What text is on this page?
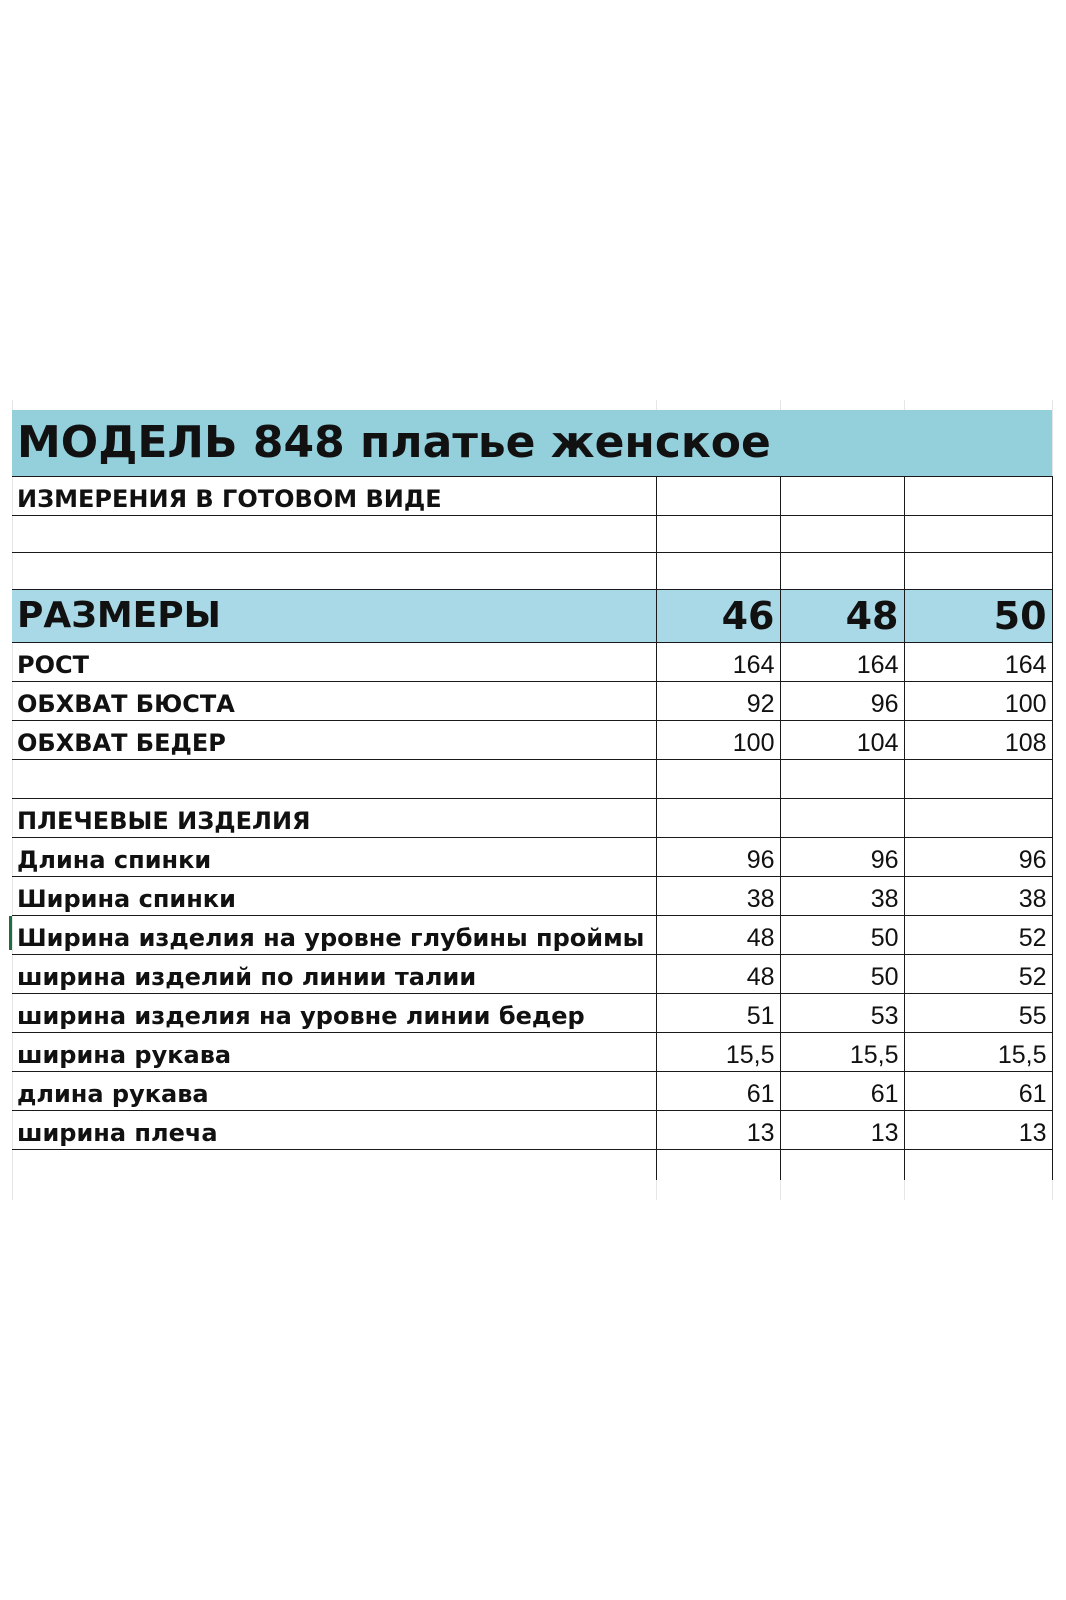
МОДЕЛЬ 848 платье женское			
ИЗМЕРЕНИЯ В ГОТОВОМ ВИДЕ			

РАЗМЕРЫ	46	48	50
РОСТ	164	164	164
ОБХВАТ БЮСТА	92	96	100
ОБХВАТ БЕДЕР	100	104	108

ПЛЕЧЕВЫЕ ИЗДЕЛИЯ			
Длина спинки	96	96	96
Ширина спинки	38	38	38
Ширина изделия на уровне глубины проймы	48	50	52
ширина изделий по линии талии	48	50	52
ширина изделия на уровне линии бедер	51	53	55
ширина рукава	15,5	15,5	15,5
длина рукава	61	61	61
ширина плеча	13	13	13
